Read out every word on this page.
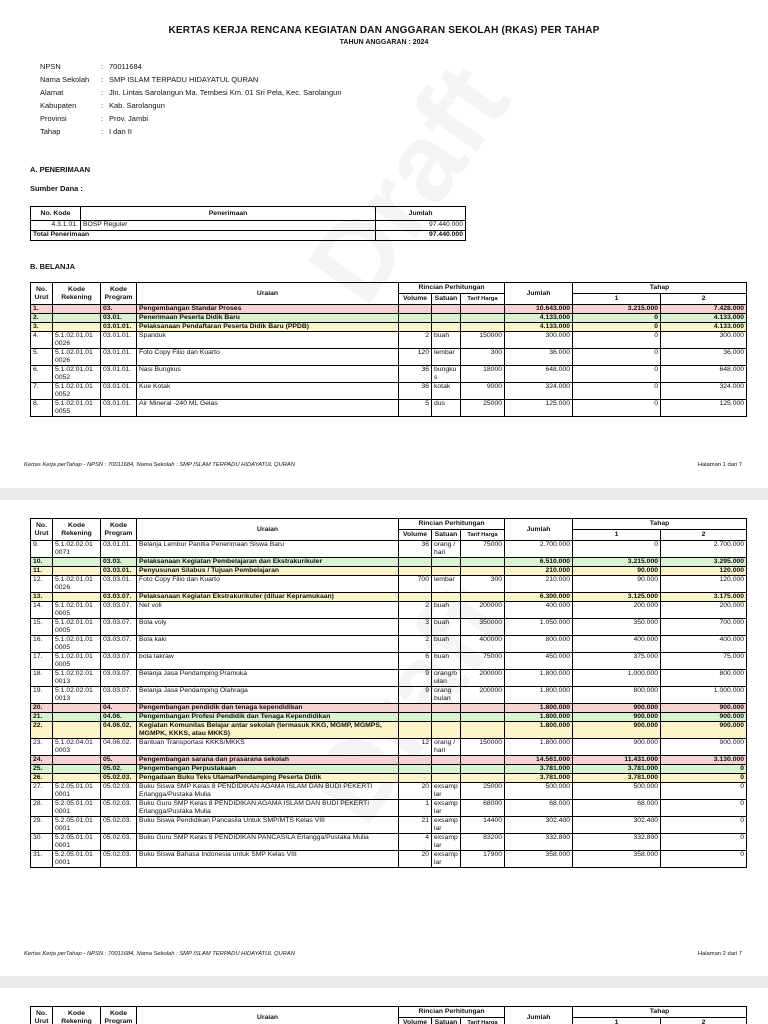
KERTAS KERJA RENCANA KEGIATAN DAN ANGGARAN SEKOLAH (RKAS) PER TAHAP
TAHUN ANGGARAN : 2024
NPSN	: 70011684
Nama Sekolah	: SMP ISLAM TERPADU HIDAYATUL QURAN
Alamat	: Jln. Lintas Sarolangun Ma. Tembesi Km. 01 Sri Pela, Kec. Sarolangun
Kabupaten	: Kab. Sarolangun
Provinsi	: Prov. Jambi
Tahap	: I dan II
A. PENERIMAAN
Sumber Dana :
No. Kode	Penerimaan	Jumlah
4.3.1.01.	BOSP Reguler	97.440.000
Total Penerimaan		97.440.000
B. BELANJA
No. Urut	Kode Rekening	Kode Program	Uraian	Rincian Perhitungan			Jumlah	Tahap	
				Volume	Satuan	Tarif Harga		1	2
1.		03.	Pengembangan Standar Proses				10.643.000	3.215.000	7.428.000
2.		03.01.	Penerimaan Peserta Didik Baru				4.133.000	0	4.133.000
3.		03.01.01.	Pelaksanaan Pendaftaran Peserta Didik Baru (PPDB)				4.133.000	0	4.133.000
4.	5.1.02.01.01 0026	03.01.01.	Spanduk	2	buah	150000	300.000	0	300.000
5.	5.1.02.01.01 0026	03.01.01.	Foto Copy Filio dan Kuarto	120	lembar	300	36.000	0	36.000
6.	5.1.02.01.01 0052	03.01.01.	Nasi Bungkus	36	bungku s	18000	648.000	0	648.000
7.	5.1.02.01.01 0052	03.01.01.	Kue Kotak	36	kotak	9000	324.000	0	324.000
8.	5.1.02.01.01 0055	03.01.01.	Air Mineral -240 ML Gelas	5	dus	25000	125.000	0	125.000
Kertas Kerja perTahap - NPSN : 70011684, Nama Sekolah : SMP ISLAM TERPADU HIDAYATUL QURAN	Halaman 1 dari 7
No. Urut	Kode Rekening	Kode Program	Uraian	Rincian Perhitungan			Jumlah	Tahap	
				Volume	Satuan	Tarif Harga		1	2
9.	5.1.02.02.01 0071	03.01.01.	Belanja Lembur Panitia Penerimaan Siswa Baru	36	orang / hari	75000	2.700.000	0	2.700.000
10.		03.03.	Pelaksanaan Kegiatan Pembelajaran dan Ekstrakurikuler				6.510.000	3.215.000	3.295.000
11.		03.03.01.	Penyusunan Silabus / Tujuan Pembelajaran				210.000	90.000	120.000
12.	5.1.02.01.01 0026	03.03.01.	Foto Copy Filio dan Kuarto	700	lembar	300	210.000	90.000	120.000
13.		03.03.07.	Pelaksanaan Kegiatan Ekstrakurikuler (diluar Kepramukaan)				6.300.000	3.125.000	3.175.000
14.	5.1.02.01.01 0005	03.03.07.	Net voli	2	buah	200000	400.000	200.000	200.000
15.	5.1.02.01.01 0005	03.03.07.	Bola voly	3	buah	350000	1.050.000	350.000	700.000
16.	5.1.02.01.01 0005	03.03.07.	Bola kaki	2	buah	400000	800.000	400.000	400.000
17.	5.1.02.01.01 0005	03.03.07.	bola takraw	6	buah	75000	450.000	375.000	75.000
18.	5.1.02.02.01 0013	03.03.07.	Belanja Jasa Pendamping Pramuka	9	orang/b ulan	200000	1.800.000	1.000.000	800.000
19.	5.1.02.02.01 0013	03.03.07.	Belanja Jasa Pendamping Olahraga	9	orang bulan	200000	1.800.000	800.000	1.000.000
20.		04.	Pengembangan pendidik dan tenaga kependidikan				1.800.000	900.000	900.000
21.		04.06.	Pengembangan Profesi Pendidik dan Tenaga Kependidikan				1.800.000	900.000	900.000
22.		04.06.02.	Kegiatan Komunitas Belajar antar sekolah (termasuk KKG, MGMP, MGMPS, MGMPK, KKKS, atau MKKS)				1.800.000	900.000	900.000
23.	5.1.02.04.01 0003	04.06.02.	Bantuan Transportasi KKKS/MKKS	12	orang / hari	150000	1.800.000	900.000	900.000
24.		05.	Pengembangan sarana dan prasarana sekolah				14.561.000	11.431.000	3.130.000
25.		05.02.	Pengembangan Perpustakaan				3.781.000	3.781.000	0
26.		05.02.03.	Pengadaan Buku Teks Utama/Pendamping Peserta Didik				3.781.000	3.781.000	0
27.	5.2.05.01.01 0001	05.02.03.	Buku Siswa SMP Kelas 8 PENDIDIKAN AGAMA ISLAM DAN BUDI PEKERTI Erlangga/Pustaka Mulia	20	exsamp lar	25000	500.000	500.000	0
28.	5.2.05.01.01 0001	05.02.03.	Buku Guru SMP Kelas 8 PENDIDIKAN AGAMA ISLAM DAN BUDI PEKERTI Erlangga/Pustaka Mulia	1	exsamp lar	68000	68.000	68.000	0
29.	5.2.05.01.01 0001	05.02.03.	Buku Siswa Pendidikan Pancasila Untuk SMP/MTS Kelas VIII	21	exsamp lar	14400	302.400	302.400	0
30.	5.2.05.01.01 0001	05.02.03.	Buku Guru SMP Kelas 8 PENDIDIKAN PANCASILA Erlangga/Pustaka Mulia	4	exsamp lar	83200	332.800	332.800	0
31.	5.2.05.01.01 0001	05.02.03.	Buku Siswa Bahasa Indonesia untuk SMP Kelas VIII	20	exsamp lar	17900	358.000	358.000	0
Kertas Kerja perTahap - NPSN : 70011684, Nama Sekolah : SMP ISLAM TERPADU HIDAYATUL QURAN	Halaman 2 dari 7
No. Urut	Kode Rekening	Kode Program	Uraian	Rincian Perhitungan			Jumlah	Tahap	
				Volume	Satuan	Tarif Harga		1	2
